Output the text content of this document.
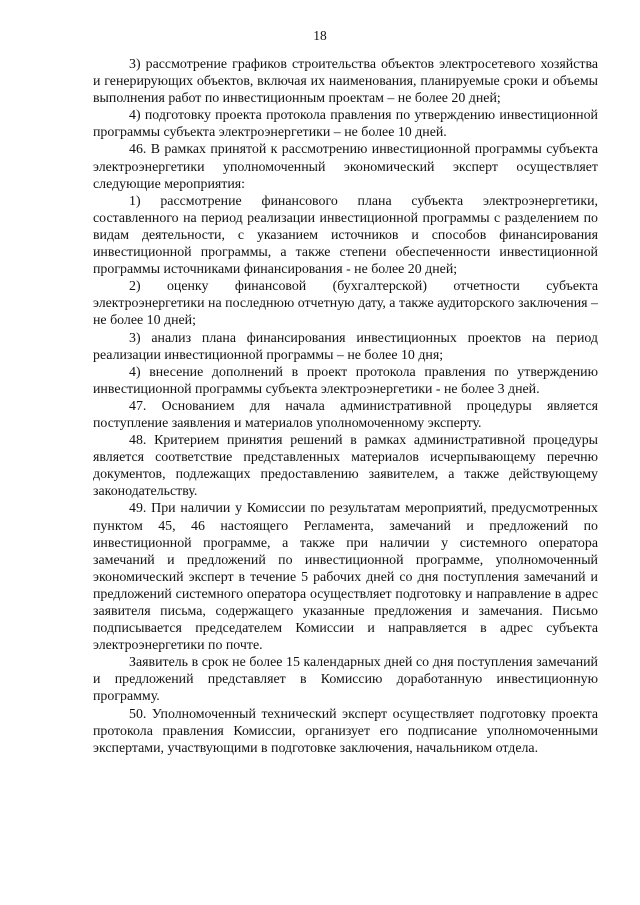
18

3) рассмотрение графиков строительства объектов электросетевого хозяйства и генерирующих объектов, включая их наименования, планируемые сроки и объемы выполнения работ по инвестиционным проектам – не более 20 дней;

4) подготовку проекта протокола правления по утверждению инвестиционной программы субъекта электроэнергетики – не более 10 дней.

46. В рамках принятой к рассмотрению инвестиционной программы субъекта электроэнергетики уполномоченный экономический эксперт осуществляет следующие мероприятия:

1) рассмотрение финансового плана субъекта электроэнергетики, составленного на период реализации инвестиционной программы с разделением по видам деятельности, с указанием источников и способов финансирования инвестиционной программы, а также степени обеспеченности инвестиционной программы источниками финансирования - не более 20 дней;

2) оценку финансовой (бухгалтерской) отчетности субъекта электроэнергетики на последнюю отчетную дату, а также аудиторского заключения – не более 10 дней;

3) анализ плана финансирования инвестиционных проектов на период реализации инвестиционной программы – не более 10 дня;

4) внесение дополнений в проект протокола правления по утверждению инвестиционной программы субъекта электроэнергетики - не более 3 дней.

47. Основанием для начала административной процедуры является поступление заявления и материалов уполномоченному эксперту.

48. Критерием принятия решений в рамках административной процедуры является соответствие представленных материалов исчерпывающему перечню документов, подлежащих предоставлению заявителем, а также действующему законодательству.

49. При наличии у Комиссии по результатам мероприятий, предусмотренных пунктом 45, 46 настоящего Регламента, замечаний и предложений по инвестиционной программе, а также при наличии у системного оператора замечаний и предложений по инвестиционной программе, уполномоченный экономический эксперт в течение 5 рабочих дней со дня поступления замечаний и предложений системного оператора осуществляет подготовку и направление в адрес заявителя письма, содержащего указанные предложения и замечания. Письмо подписывается председателем Комиссии и направляется в адрес субъекта электроэнергетики по почте.

Заявитель в срок не более 15 календарных дней со дня поступления замечаний и предложений представляет в Комиссию доработанную инвестиционную программу.

50. Уполномоченный технический эксперт осуществляет подготовку проекта протокола правления Комиссии, организует его подписание уполномоченными экспертами, участвующими в подготовке заключения, начальником отдела.
